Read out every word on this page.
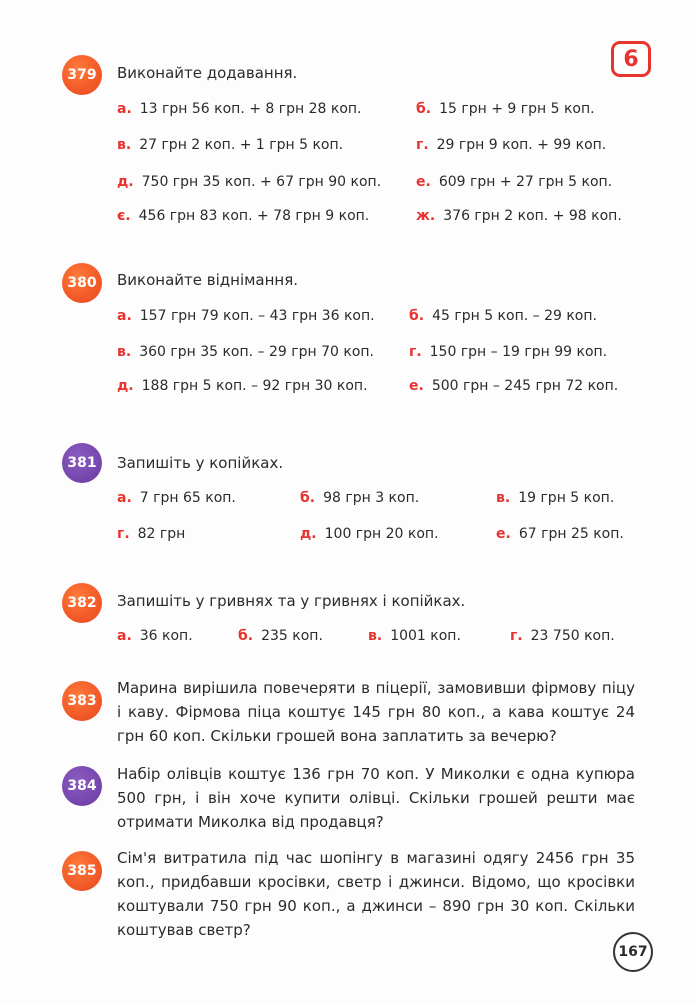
6
379	Виконайте додавання.
а. 13 грн 56 коп. + 8 грн 28 коп.	б. 15 грн + 9 грн 5 коп.
в. 27 грн 2 коп. + 1 грн 5 коп.	г. 29 грн 9 коп. + 99 коп.
д. 750 грн 35 коп. + 67 грн 90 коп. е. 609 грн + 27 грн 5 коп.
є. 456 грн 83 коп. + 78 грн 9 коп.	ж. 376 грн 2 коп. + 98 коп.
380	Виконайте віднімання.
а. 157 грн 79 коп. – 43 грн 36 коп. б. 45 грн 5 коп. – 29 коп.
в. 360 грн 35 коп. – 29 грн 70 коп.	г. 150 грн – 19 грн 99 коп.
д. 188 грн 5 коп. – 92 грн 30 коп.	е. 500 грн – 245 грн 72 коп.
381	Запишіть у копійках.
а. 7 грн 65 коп.	б. 98 грн 3 коп.	в. 19 грн 5 коп.
г. 82 грн	д. 100 грн 20 коп.	е. 67 грн 25 коп.
382	Запишіть у гривнях та у гривнях і копійках.
а. 36 коп.	б. 235 коп.	в. 1001 коп.	г. 23 750 коп.
383
Марина вирішила повечеряти в піцерії, замовивши фірмову піцу і каву. Фірмова піца коштує 145 грн 80 коп., а кава коштує 24 грн 60 коп. Скільки грошей вона заплатить за вечерю?
384
Набір олівців коштує 136 грн 70 коп. У Миколки є одна купюра 500 грн, і він хоче купити олівці. Скільки грошей решти має отримати Миколка від продавця?
385
Сім'я витратила під час шопінгу в магазині одягу 2456 грн 35 коп., придбавши кросівки, светр і джинси. Відомо, що кросівки коштували 750 грн 90 коп., а джинси – 890 грн 30 коп. Скільки коштував светр?
167
